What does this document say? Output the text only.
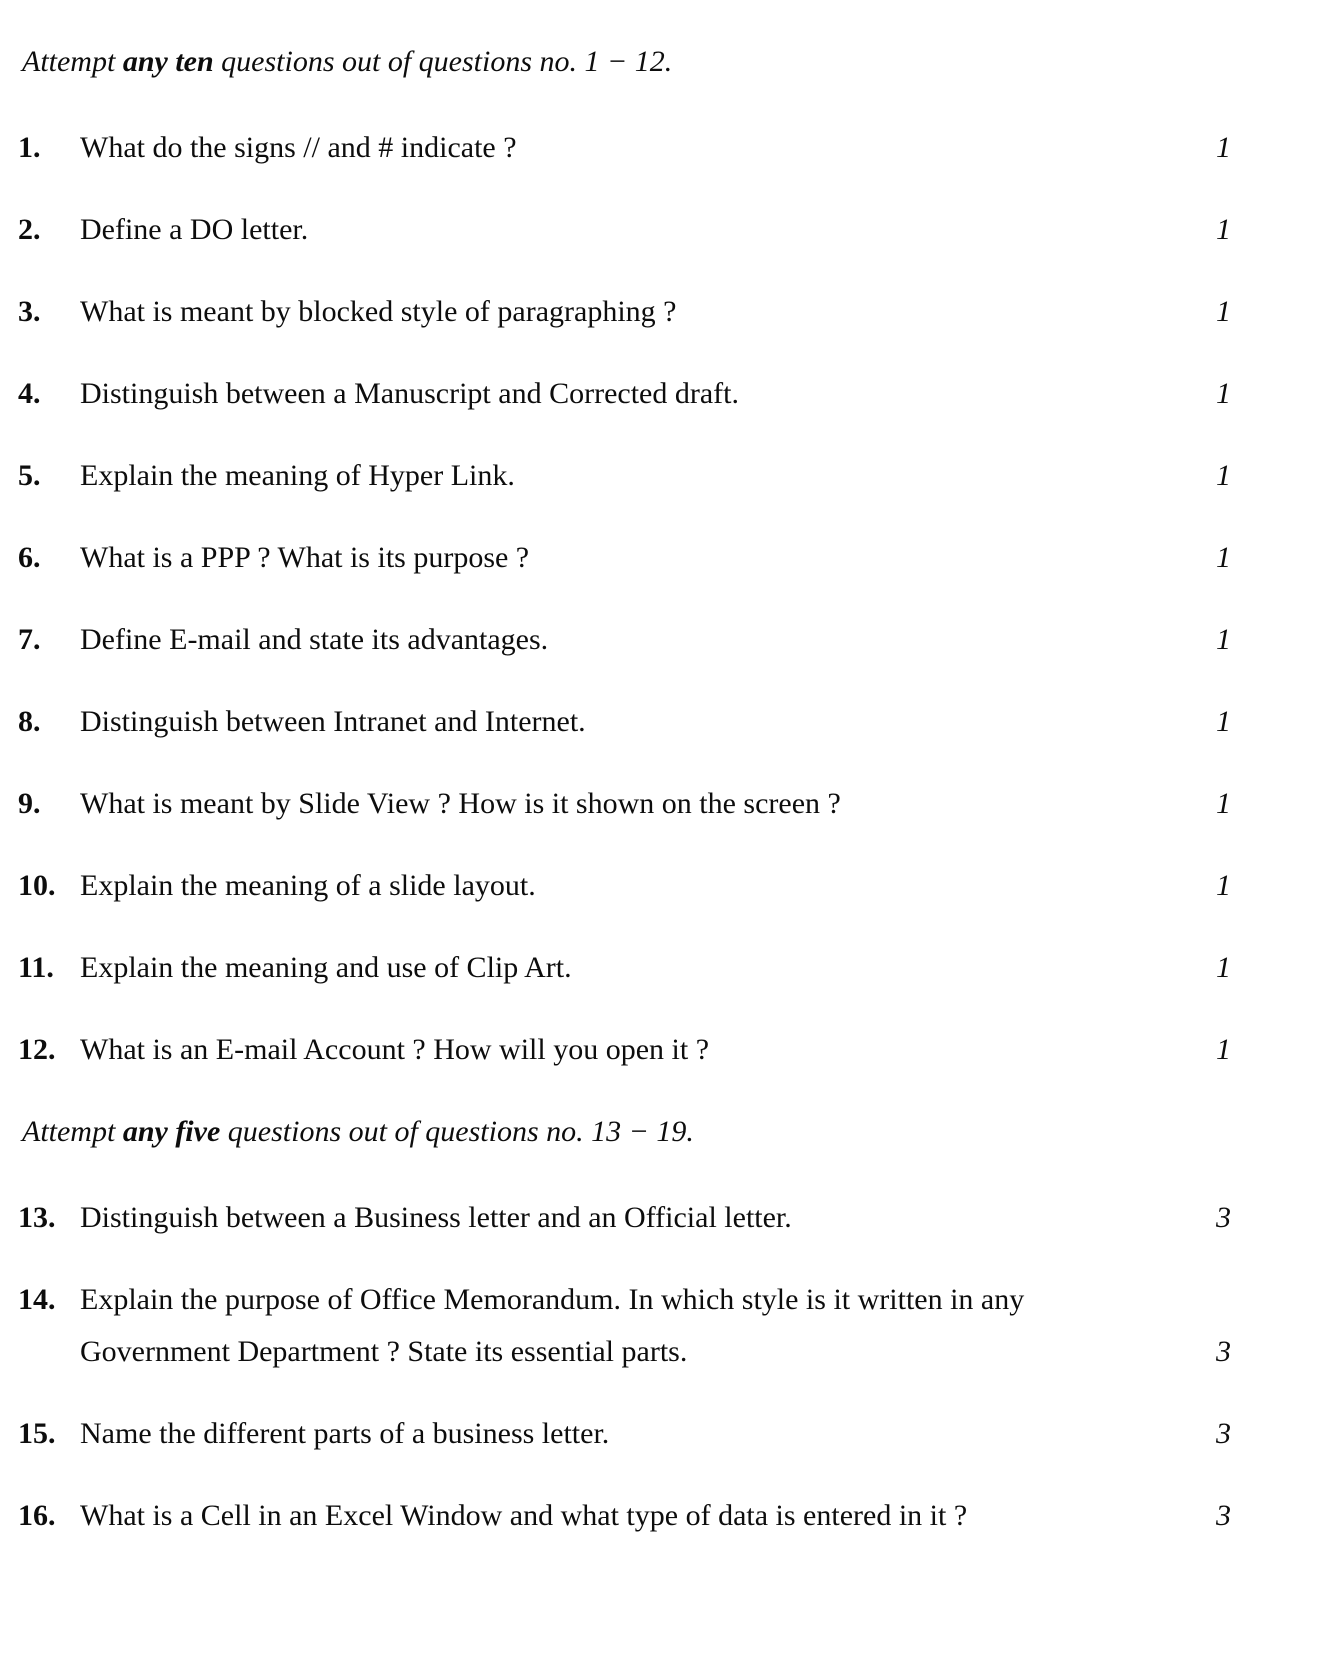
Attempt any ten questions out of questions no. 1 − 12.

1.	What do the signs // and # indicate ?	1
2.	Define a DO letter.	1
3.	What is meant by blocked style of paragraphing ?	1
4.	Distinguish between a Manuscript and Corrected draft.	1
5.	Explain the meaning of Hyper Link.	1
6.	What is a PPP ? What is its purpose ?	1
7.	Define E-mail and state its advantages.	1
8.	Distinguish between Intranet and Internet.	1
9.	What is meant by Slide View ? How is it shown on the screen ?	1
10. Explain the meaning of a slide layout.	1
11. Explain the meaning and use of Clip Art.	1
12. What is an E-mail Account ? How will you open it ?	1

Attempt any five questions out of questions no. 13 − 19.

13. Distinguish between a Business letter and an Official letter.	3
14. Explain the purpose of Office Memorandum. In which style is it written in any Government Department ? State its essential parts.	3
15. Name the different parts of a business letter.	3
16. What is a Cell in an Excel Window and what type of data is entered in it ?	3
